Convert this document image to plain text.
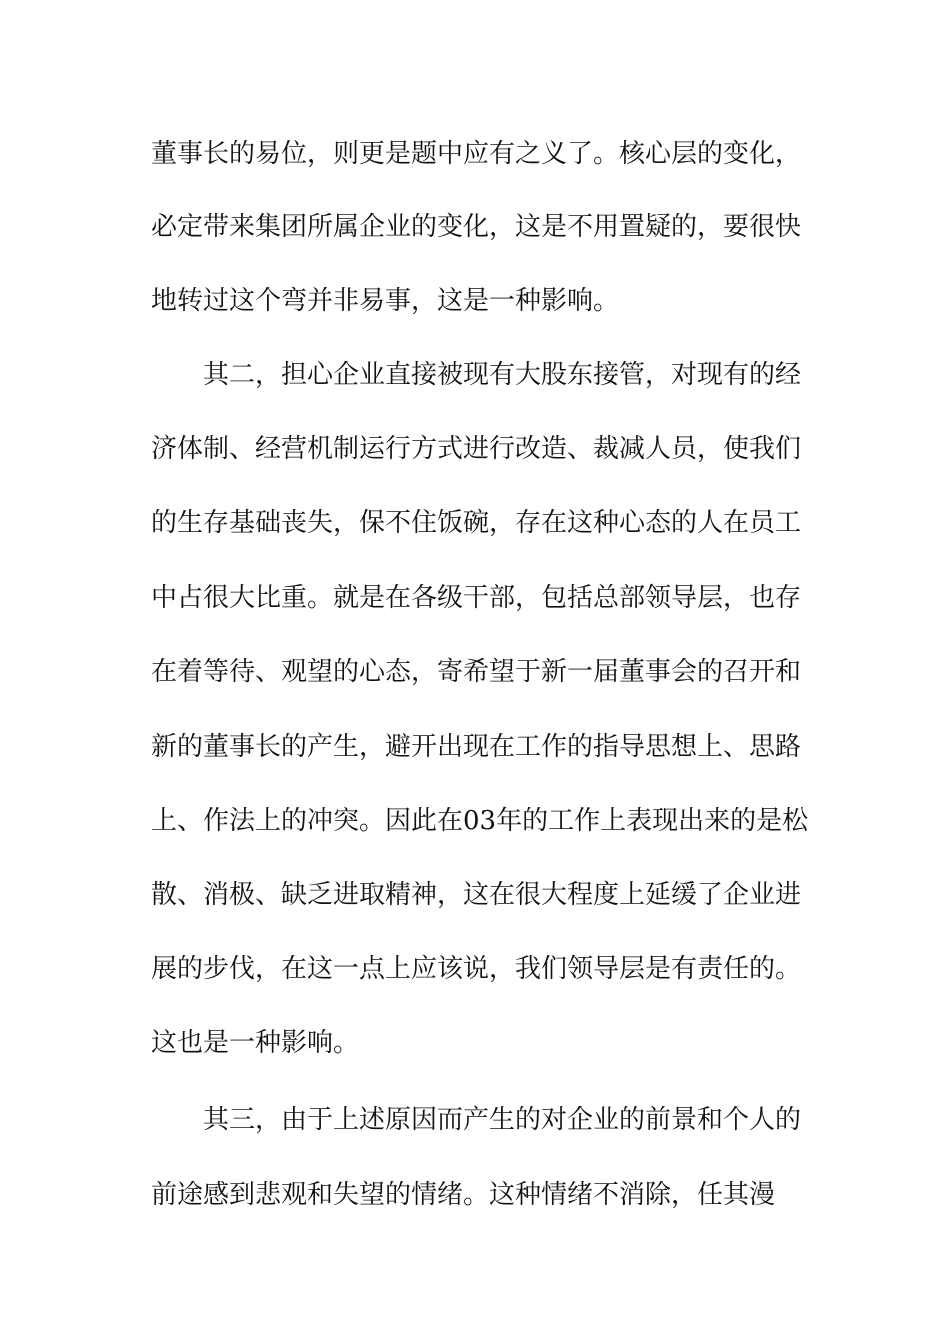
董事长的易位，则更是题中应有之义了。核心层的变化，
必定带来集团所属企业的变化，这是不用置疑的，要很快
地转过这个弯并非易事，这是一种影响。
　　其二，担心企业直接被现有大股东接管，对现有的经
济体制、经营机制运行方式进行改造、裁减人员，使我们
的生存基础丧失，保不住饭碗，存在这种心态的人在员工
中占很大比重。就是在各级干部，包括总部领导层，也存
在着等待、观望的心态，寄希望于新一届董事会的召开和
新的董事长的产生，避开出现在工作的指导思想上、思路
上、作法上的冲突。因此在03年的工作上表现出来的是松
散、消极、缺乏进取精神，这在很大程度上延缓了企业进
展的步伐，在这一点上应该说，我们领导层是有责任的。
这也是一种影响。
　　其三，由于上述原因而产生的对企业的前景和个人的
前途感到悲观和失望的情绪。这种情绪不消除，任其漫
